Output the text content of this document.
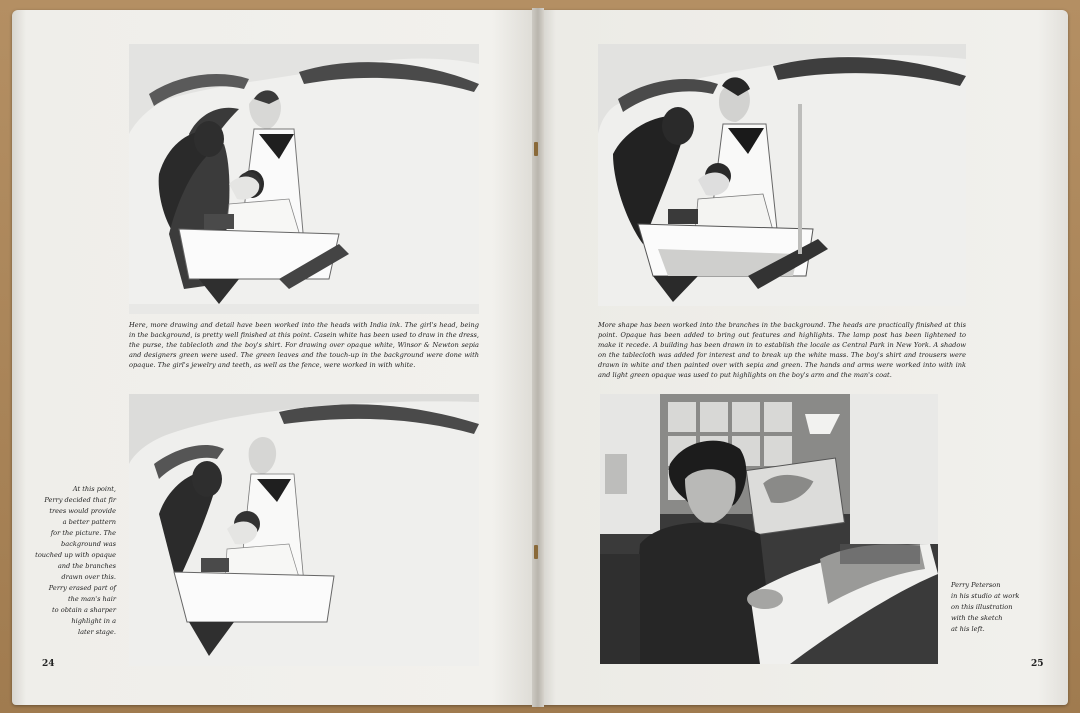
Here, more drawing and detail have been worked into the heads with India ink. The girl's head, being in the background, is pretty well finished at this point. Casein white has been used to draw in the dress, the purse, the tablecloth and the boy's shirt. For drawing over opaque white, Winsor & Newton sepia and designers green were used. The green leaves and the touch-up in the background were done with opaque. The girl's jewelry and teeth, as well as the fence, were worked in with white.
At this point,
Perry decided that fir
trees would provide
a better pattern
for the picture. The
background was
touched up with opaque
and the branches
drawn over this.
Perry erased part of
the man's hair
to obtain a sharper
highlight in a
later stage.
24
More shape has been worked into the branches in the background. The heads are practically finished at this point. Opaque has been added to bring out features and highlights. The lamp post has been lightened to make it recede. A building has been drawn in to establish the locale as Central Park in New York. A shadow on the tablecloth was added for interest and to break up the white mass. The boy's shirt and trousers were drawn in white and then painted over with sepia and green. The hands and arms were worked into with ink and light green opaque was used to put highlights on the boy's arm and the man's coat.
Perry Peterson
in his studio at work
on this illustration
with the sketch
at his left.
25
